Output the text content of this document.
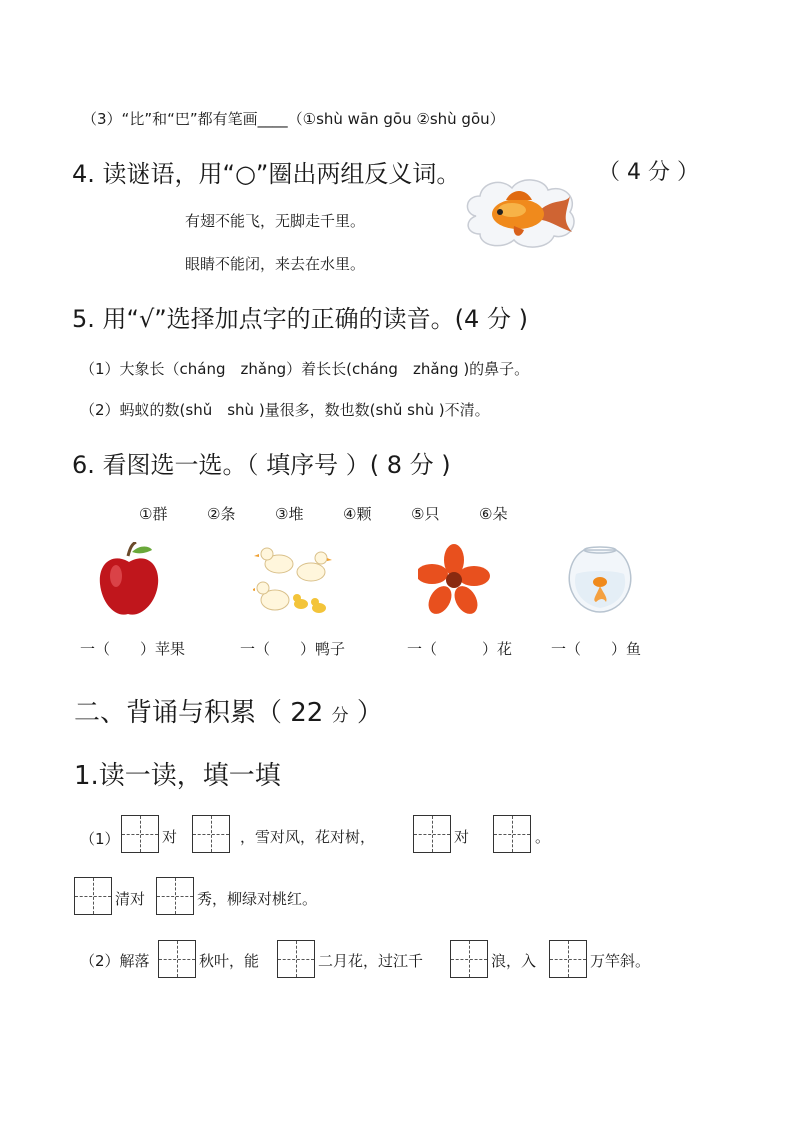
（3）“比”和“巴”都有笔画____（①shù wān gōu ②shù gōu）
4. 读谜语，用“○”圈出两组反义词。	（ 4 分 ）
有翅不能飞，无脚走千里。
眼睛不能闭，来去在水里。
5. 用“√”选择加点字的正确的读音。(4 分 )
（1）大象长（cháng　zhǎng）着长长(cháng　zhǎng )的鼻子。
（2）蚂蚁的数(shǔ　shù )量很多，数也数(shǔ shù )不清。
6. 看图选一选。（ 填序号 ）( 8 分 )
①群	②条	③堆	④颗	⑤只	⑥朵
一（　　）苹果	一（　　）鸭子	一（　　　）花	一（　　）鱼
二、背诵与积累（ 22 分 ）
1.读一读，填一填
（1）	对	，雪对风，花对树，	对	。
清对	秀，柳绿对桃红。
（2）解落	秋叶，能	二月花，过江千	浪，入	万竿斜。
